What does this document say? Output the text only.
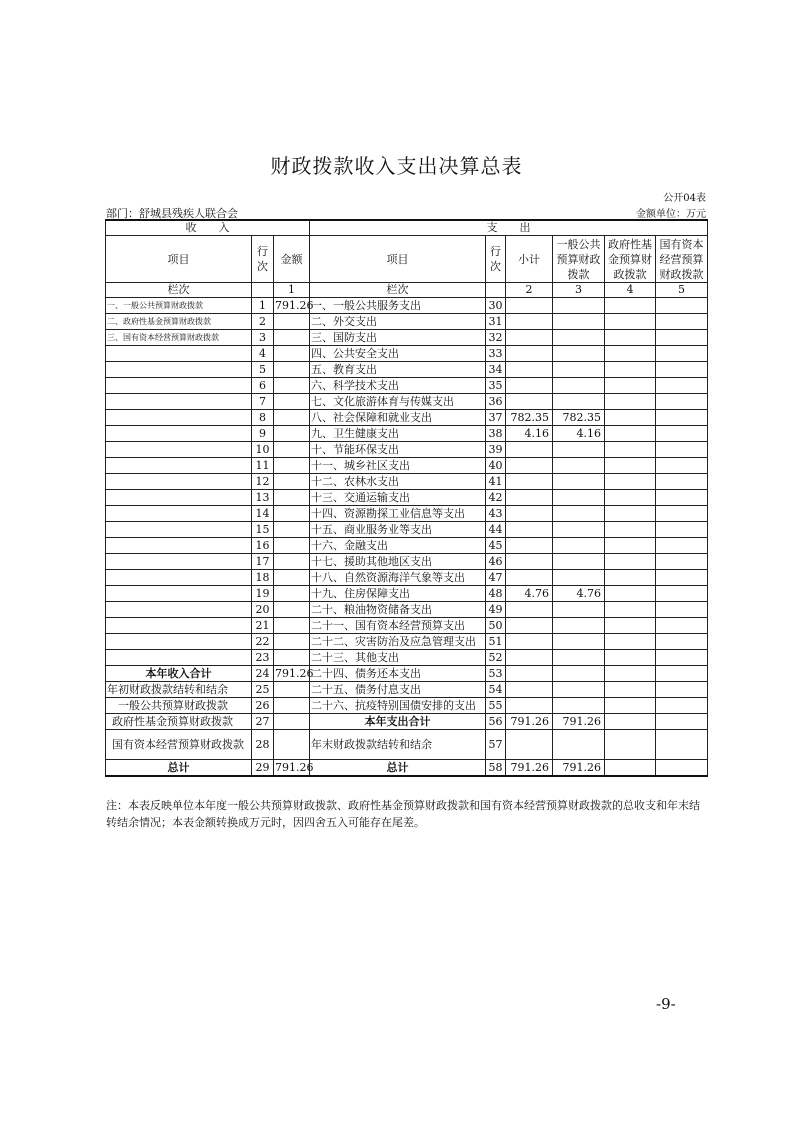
财政拨款收入支出决算总表
公开04表
部门：舒城县残疾人联合会	金额单位：万元
收　　入			支　　出					
项目	行次	金额	项目	行次	小计	一般公共预算财政拨款	政府性基金预算财政拨款	国有资本经营预算财政拨款
栏次		1	栏次		2	3	4	5
一、一般公共预算财政拨款	1	791.26	一、一般公共服务支出	30				
二、政府性基金预算财政拨款	2		二、外交支出	31				
三、国有资本经营预算财政拨款	3		三、国防支出	32				
	4		四、公共安全支出	33				
	5		五、教育支出	34				
	6		六、科学技术支出	35				
	7		七、文化旅游体育与传媒支出	36				
	8		八、社会保障和就业支出	37	782.35	782.35		
	9		九、卫生健康支出	38	4.16	4.16		
	10		十、节能环保支出	39				
	11		十一、城乡社区支出	40				
	12		十二、农林水支出	41				
	13		十三、交通运输支出	42				
	14		十四、资源勘探工业信息等支出	43				
	15		十五、商业服务业等支出	44				
	16		十六、金融支出	45				
	17		十七、援助其他地区支出	46				
	18		十八、自然资源海洋气象等支出	47				
	19		十九、住房保障支出	48	4.76	4.76		
	20		二十、粮油物资储备支出	49				
	21		二十一、国有资本经营预算支出	50				
	22		二十二、灾害防治及应急管理支出	51				
	23		二十三、其他支出	52				
本年收入合计	24	791.26	二十四、债务还本支出	53				
年初财政拨款结转和结余	25		二十五、债务付息支出	54				
一般公共预算财政拨款	26		二十六、抗疫特别国债安排的支出	55				
政府性基金预算财政拨款	27		本年支出合计	56	791.26	791.26		
国有资本经营预算财政拨款	28		年末财政拨款结转和结余	57				
总计	29	791.26	总计	58	791.26	791.26		
注：本表反映单位本年度一般公共预算财政拨款、政府性基金预算财政拨款和国有资本经营预算财政拨款的总收支和年末结转结余情况；本表金额转换成万元时，因四舍五入可能存在尾差。
-9-
